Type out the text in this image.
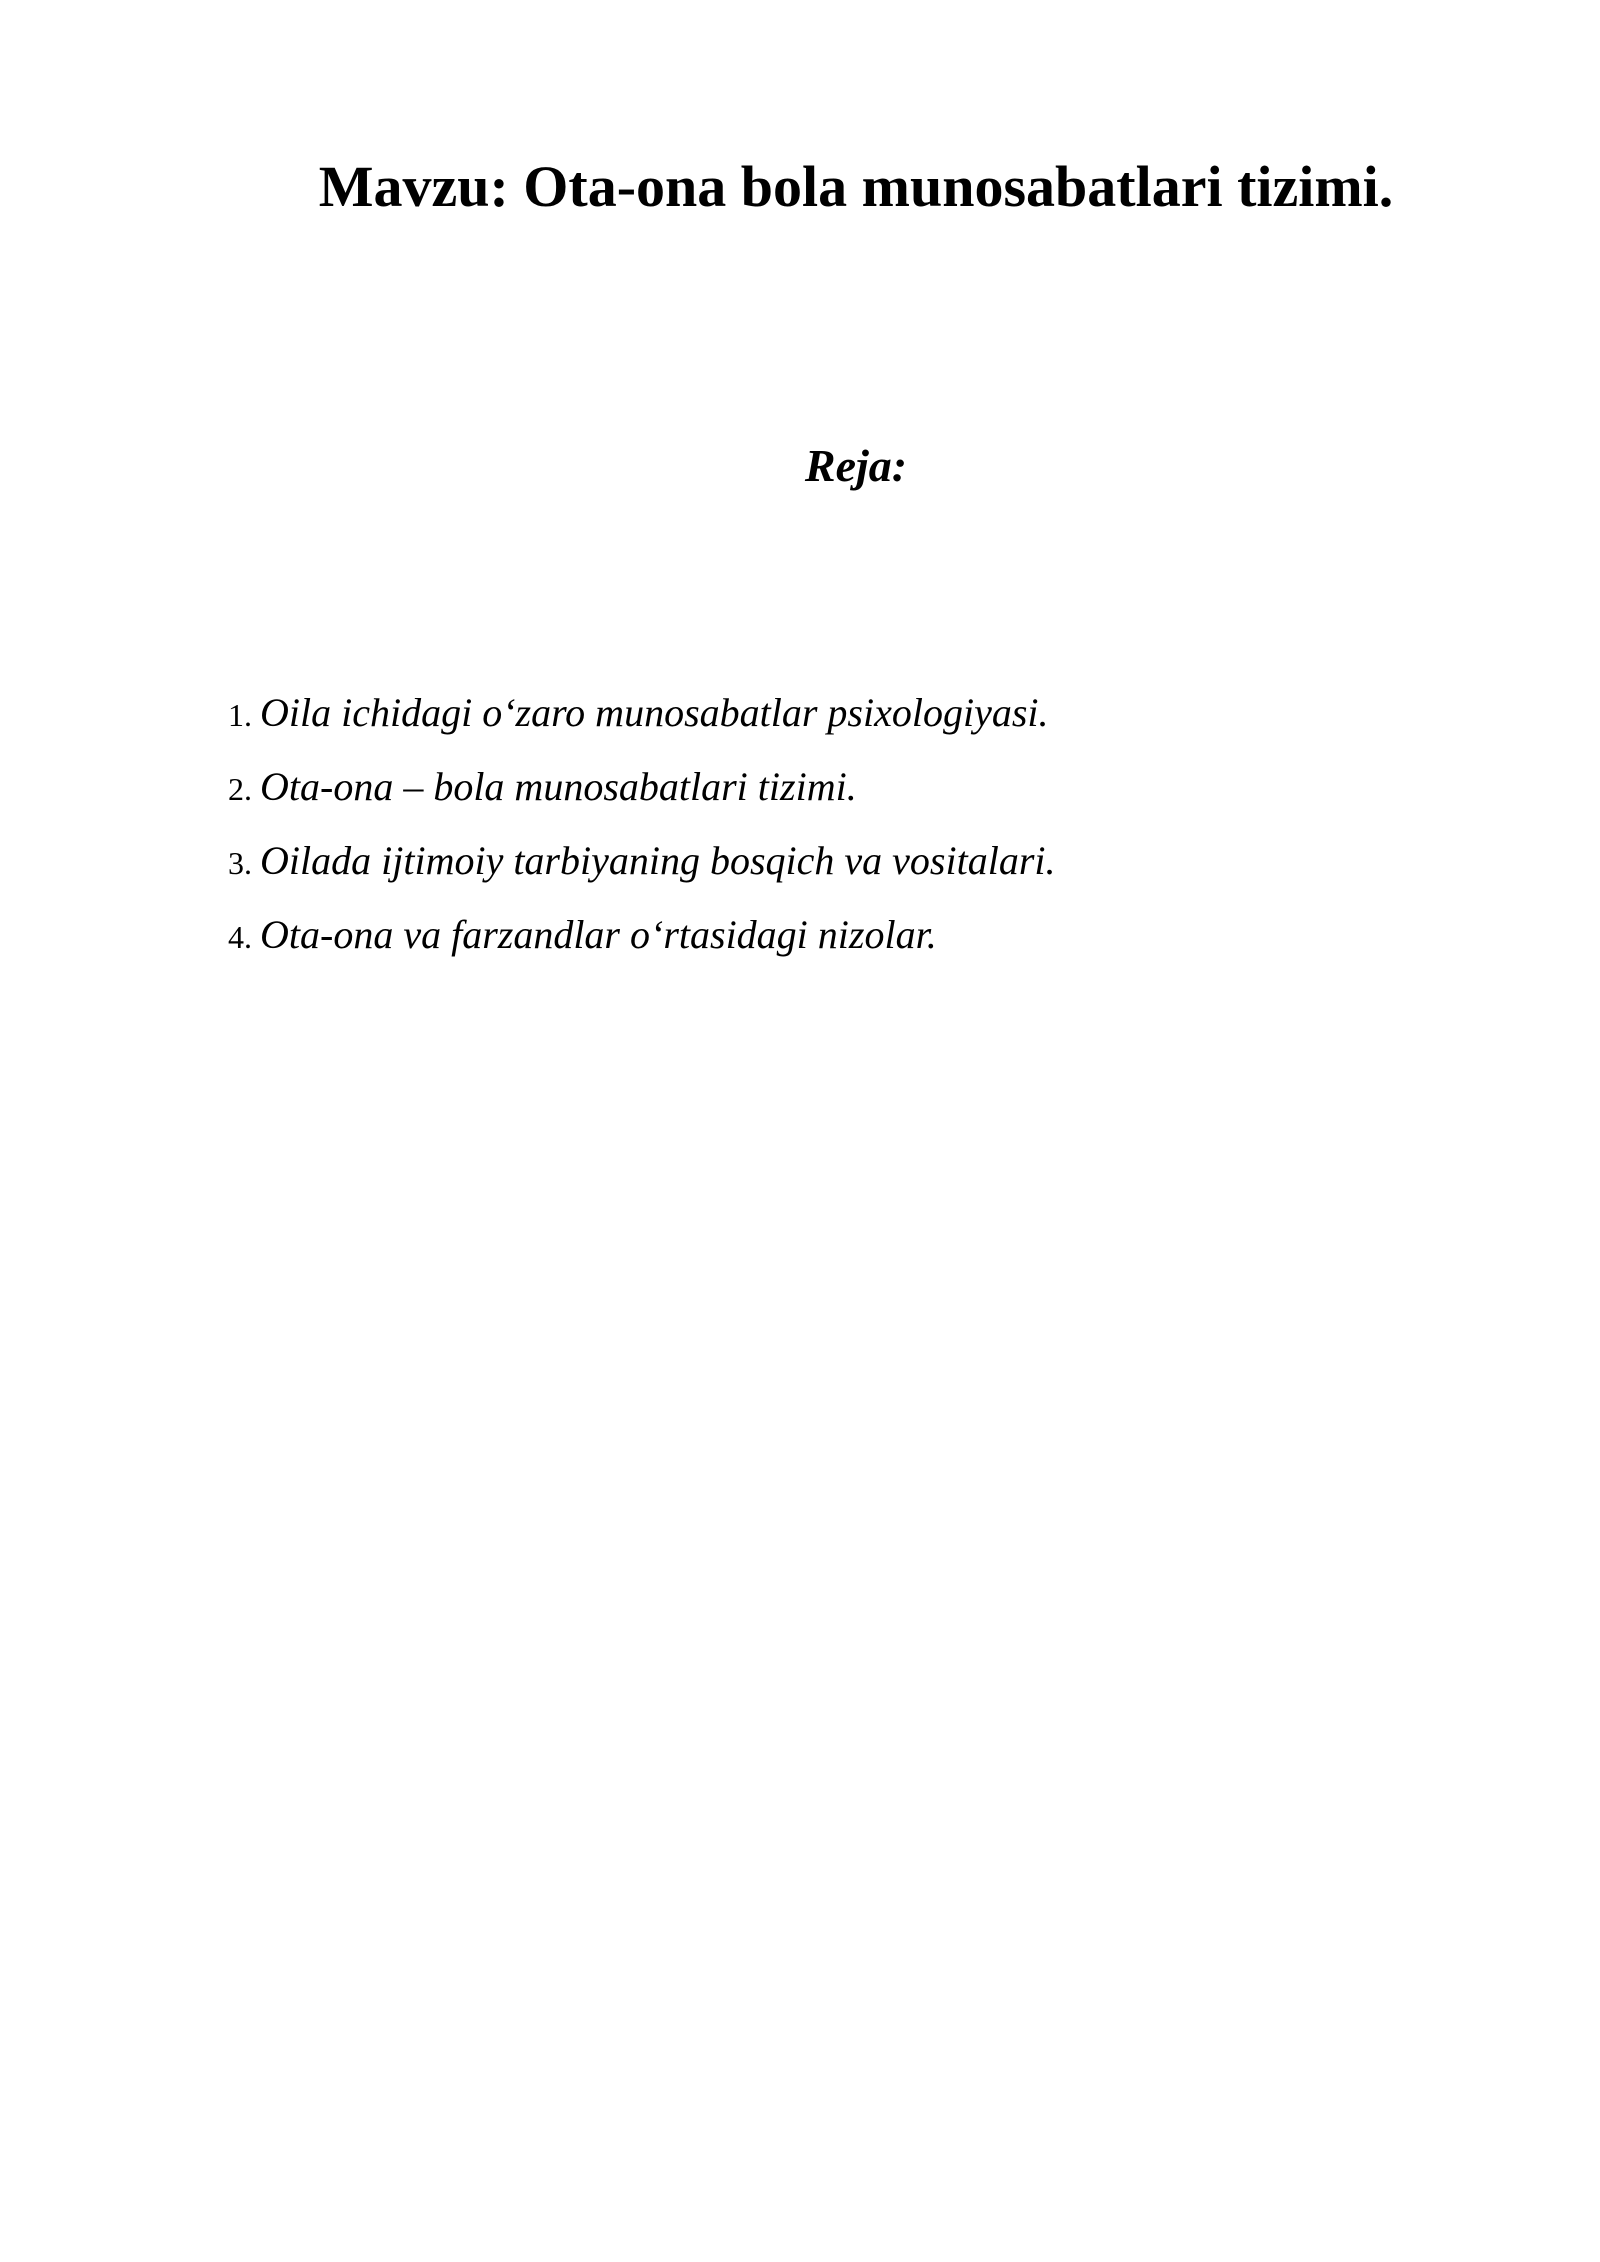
Mavzu: Ota-ona bola munosabatlari tizimi.
Reja:
1. Oila ichidagi o‘zaro munosabatlar psixologiyasi.
2. Ota-ona – bola munosabatlari tizimi.
3. Oilada ijtimoiy tarbiyaning bosqich va vositalari.
4. Ota-ona va farzandlar o‘rtasidagi nizolar.
